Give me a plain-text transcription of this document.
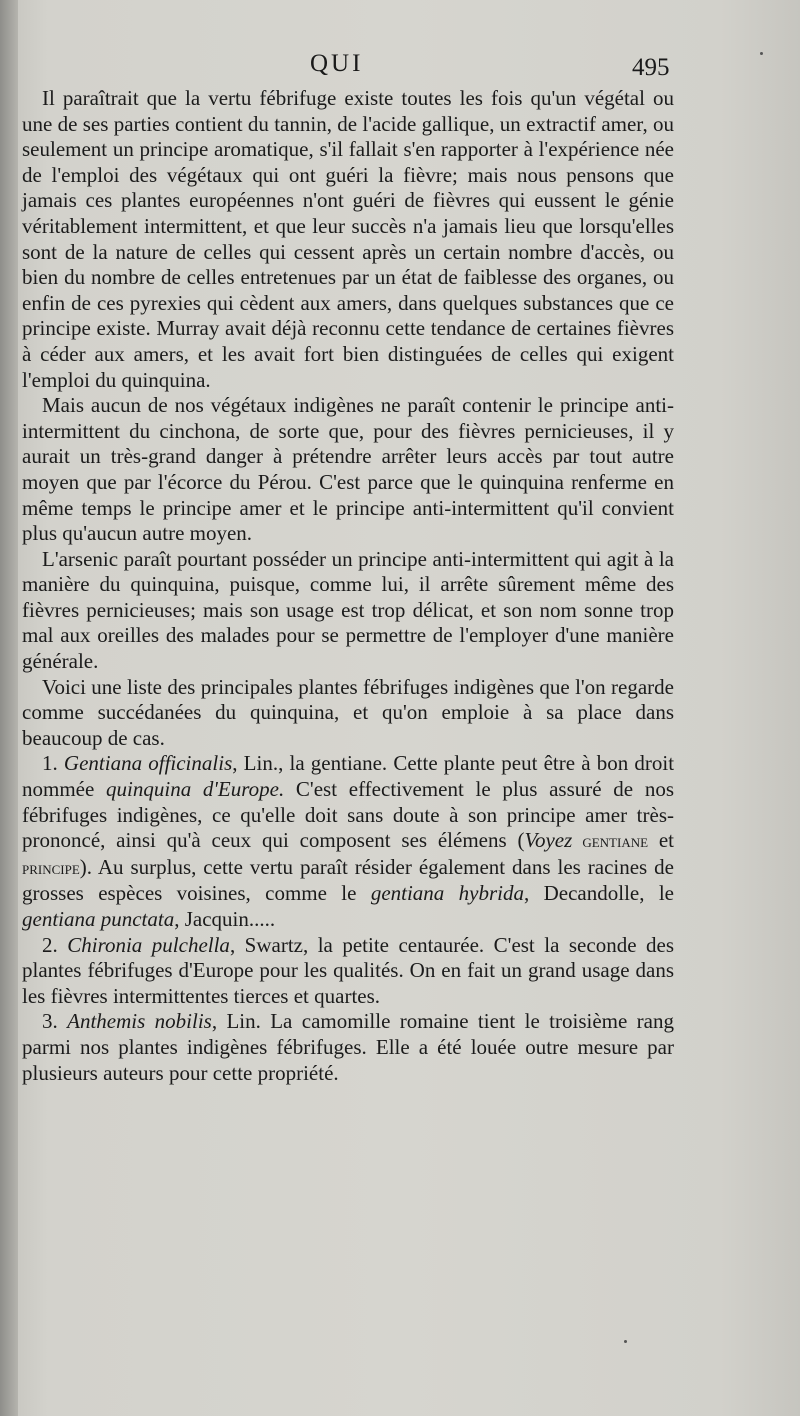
QUI	495

Il paraîtrait que la vertu fébrifuge existe toutes les fois qu'un végétal ou une de ses parties contient du tannin, de l'acide gallique, un extractif amer, ou seulement un principe aromatique, s'il fallait s'en rapporter à l'expérience née de l'emploi des végétaux qui ont guéri la fièvre; mais nous pensons que jamais ces plantes européennes n'ont guéri de fièvres qui eussent le génie véritablement intermittent, et que leur succès n'a jamais lieu que lorsqu'elles sont de la nature de celles qui cessent après un certain nombre d'accès, ou bien du nombre de celles entretenues par un état de faiblesse des organes, ou enfin de ces pyrexies qui cèdent aux amers, dans quelques substances que ce principe existe. Murray avait déjà reconnu cette tendance de certaines fièvres à céder aux amers, et les avait fort bien distinguées de celles qui exigent l'emploi du quinquina.

Mais aucun de nos végétaux indigènes ne paraît contenir le principe anti-intermittent du cinchona, de sorte que, pour des fièvres pernicieuses, il y aurait un très-grand danger à prétendre arrêter leurs accès par tout autre moyen que par l'écorce du Pérou. C'est parce que le quinquina renferme en même temps le principe amer et le principe anti-intermittent qu'il convient plus qu'aucun autre moyen.

L'arsenic paraît pourtant posséder un principe anti-intermittent qui agit à la manière du quinquina, puisque, comme lui, il arrête sûrement même des fièvres pernicieuses; mais son usage est trop délicat, et son nom sonne trop mal aux oreilles des malades pour se permettre de l'employer d'une manière générale.

Voici une liste des principales plantes fébrifuges indigènes que l'on regarde comme succédanées du quinquina, et qu'on emploie à sa place dans beaucoup de cas.

1. Gentiana officinalis, Lin., la gentiane. Cette plante peut être à bon droit nommée quinquina d'Europe. C'est effectivement le plus assuré de nos fébrifuges indigènes, ce qu'elle doit sans doute à son principe amer très-prononcé, ainsi qu'à ceux qui composent ses élémens (Voyez gentiane et principe). Au surplus, cette vertu paraît résider également dans les racines de grosses espèces voisines, comme le gentiana hybrida, Decandolle, le gentiana punctata, Jacquin.....

2. Chironia pulchella, Swartz, la petite centaurée. C'est la seconde des plantes fébrifuges d'Europe pour les qualités. On en fait un grand usage dans les fièvres intermittentes tierces et quartes.

3. Anthemis nobilis, Lin. La camomille romaine tient le troisième rang parmi nos plantes indigènes fébrifuges. Elle a été louée outre mesure par plusieurs auteurs pour cette propriété.
